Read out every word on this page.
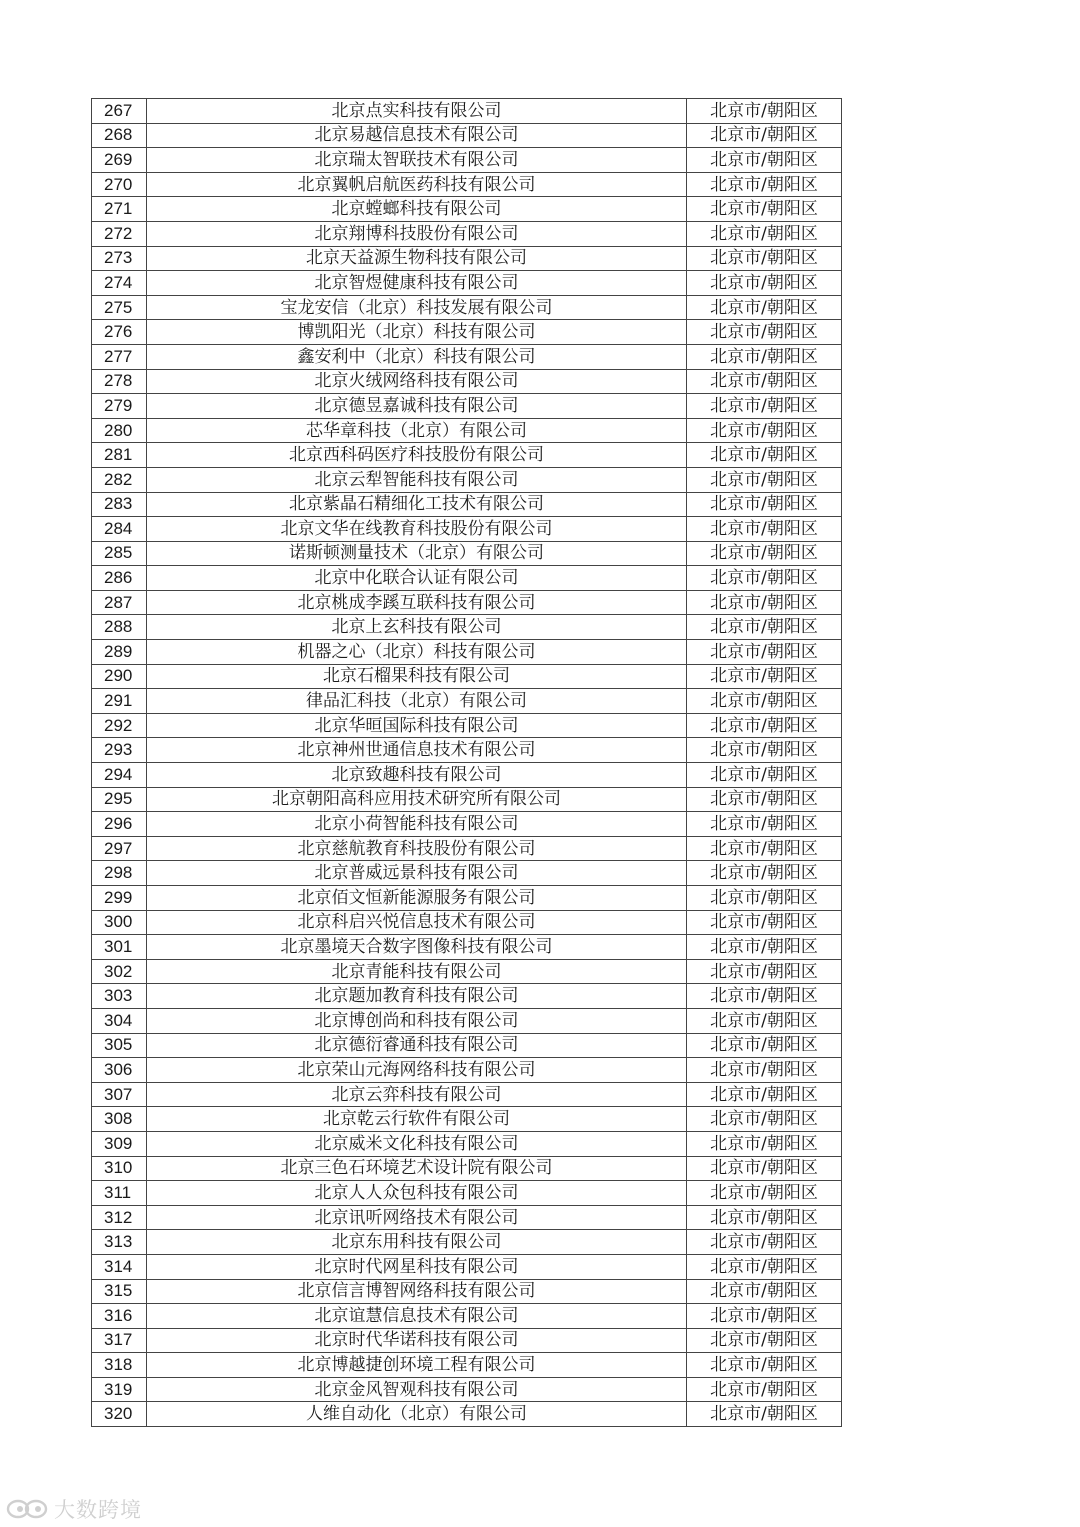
267	北京点实科技有限公司	北京市/朝阳区
268	北京易越信息技术有限公司	北京市/朝阳区
269	北京瑞太智联技术有限公司	北京市/朝阳区
270	北京翼帆启航医药科技有限公司	北京市/朝阳区
271	北京螳螂科技有限公司	北京市/朝阳区
272	北京翔博科技股份有限公司	北京市/朝阳区
273	北京天益源生物科技有限公司	北京市/朝阳区
274	北京智煜健康科技有限公司	北京市/朝阳区
275	宝龙安信（北京）科技发展有限公司	北京市/朝阳区
276	博凯阳光（北京）科技有限公司	北京市/朝阳区
277	鑫安利中（北京）科技有限公司	北京市/朝阳区
278	北京火绒网络科技有限公司	北京市/朝阳区
279	北京德昱嘉诚科技有限公司	北京市/朝阳区
280	芯华章科技（北京）有限公司	北京市/朝阳区
281	北京西科码医疗科技股份有限公司	北京市/朝阳区
282	北京云犁智能科技有限公司	北京市/朝阳区
283	北京紫晶石精细化工技术有限公司	北京市/朝阳区
284	北京文华在线教育科技股份有限公司	北京市/朝阳区
285	诺斯顿测量技术（北京）有限公司	北京市/朝阳区
286	北京中化联合认证有限公司	北京市/朝阳区
287	北京桃成李蹊互联科技有限公司	北京市/朝阳区
288	北京上玄科技有限公司	北京市/朝阳区
289	机器之心（北京）科技有限公司	北京市/朝阳区
290	北京石榴果科技有限公司	北京市/朝阳区
291	律品汇科技（北京）有限公司	北京市/朝阳区
292	北京华晅国际科技有限公司	北京市/朝阳区
293	北京神州世通信息技术有限公司	北京市/朝阳区
294	北京致趣科技有限公司	北京市/朝阳区
295	北京朝阳高科应用技术研究所有限公司	北京市/朝阳区
296	北京小荷智能科技有限公司	北京市/朝阳区
297	北京慈航教育科技股份有限公司	北京市/朝阳区
298	北京普威远景科技有限公司	北京市/朝阳区
299	北京佰文恒新能源服务有限公司	北京市/朝阳区
300	北京科启兴悦信息技术有限公司	北京市/朝阳区
301	北京墨境天合数字图像科技有限公司	北京市/朝阳区
302	北京青能科技有限公司	北京市/朝阳区
303	北京题加教育科技有限公司	北京市/朝阳区
304	北京博创尚和科技有限公司	北京市/朝阳区
305	北京德衍睿通科技有限公司	北京市/朝阳区
306	北京荣山元海网络科技有限公司	北京市/朝阳区
307	北京云弈科技有限公司	北京市/朝阳区
308	北京乾云行软件有限公司	北京市/朝阳区
309	北京威米文化科技有限公司	北京市/朝阳区
310	北京三色石环境艺术设计院有限公司	北京市/朝阳区
311	北京人人众包科技有限公司	北京市/朝阳区
312	北京讯听网络技术有限公司	北京市/朝阳区
313	北京东用科技有限公司	北京市/朝阳区
314	北京时代网星科技有限公司	北京市/朝阳区
315	北京信言博智网络科技有限公司	北京市/朝阳区
316	北京谊慧信息技术有限公司	北京市/朝阳区
317	北京时代华诺科技有限公司	北京市/朝阳区
318	北京博越捷创环境工程有限公司	北京市/朝阳区
319	北京金风智观科技有限公司	北京市/朝阳区
320	人维自动化（北京）有限公司	北京市/朝阳区
大数跨境
